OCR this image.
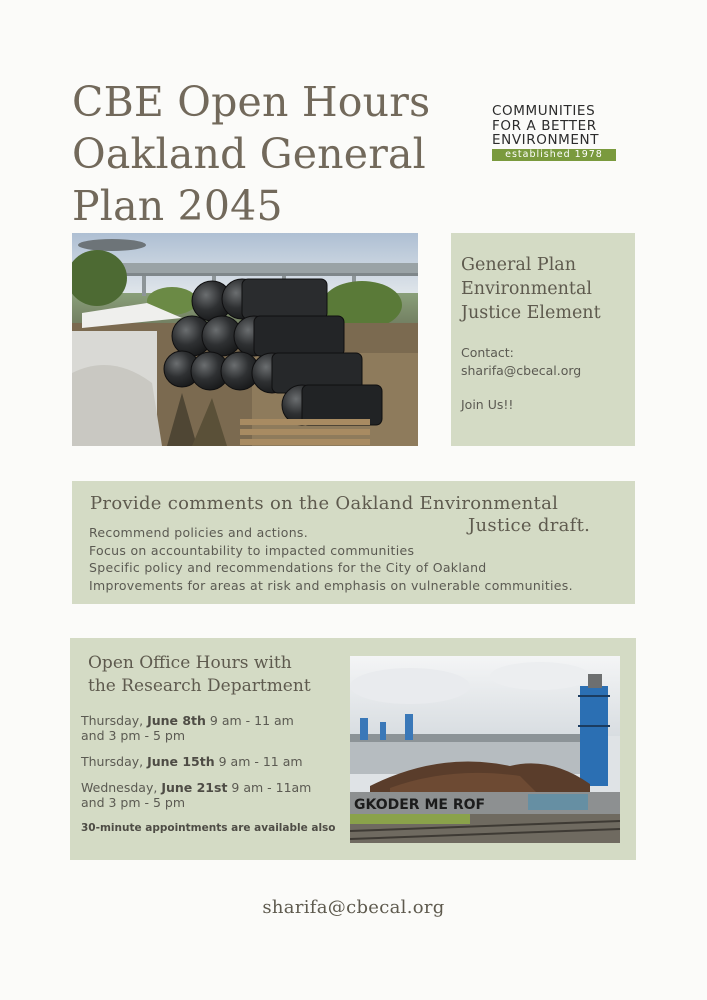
CBE Open Hours
Oakland General
Plan 2045
COMMUNITIES
FOR A BETTER
ENVIRONMENT
established 1978
General Plan
Environmental
Justice Element
Contact:
sharifa@cbecal.org
Join Us!!
Provide comments on the Oakland Environmental
Justice draft.
Recommend policies and actions.
Focus on accountability to impacted communities
Specific policy and recommendations for the City of Oakland
Improvements for areas at risk and emphasis on vulnerable communities.
Open Office Hours with
the Research Department
Thursday, June 8th 9 am - 11 am
and 3 pm - 5 pm
Thursday, June 15th 9 am - 11 am
Wednesday, June 21st 9 am - 11am
and 3 pm - 5 pm
30-minute appointments are available also
GKODER ME ROF
sharifa@cbecal.org
